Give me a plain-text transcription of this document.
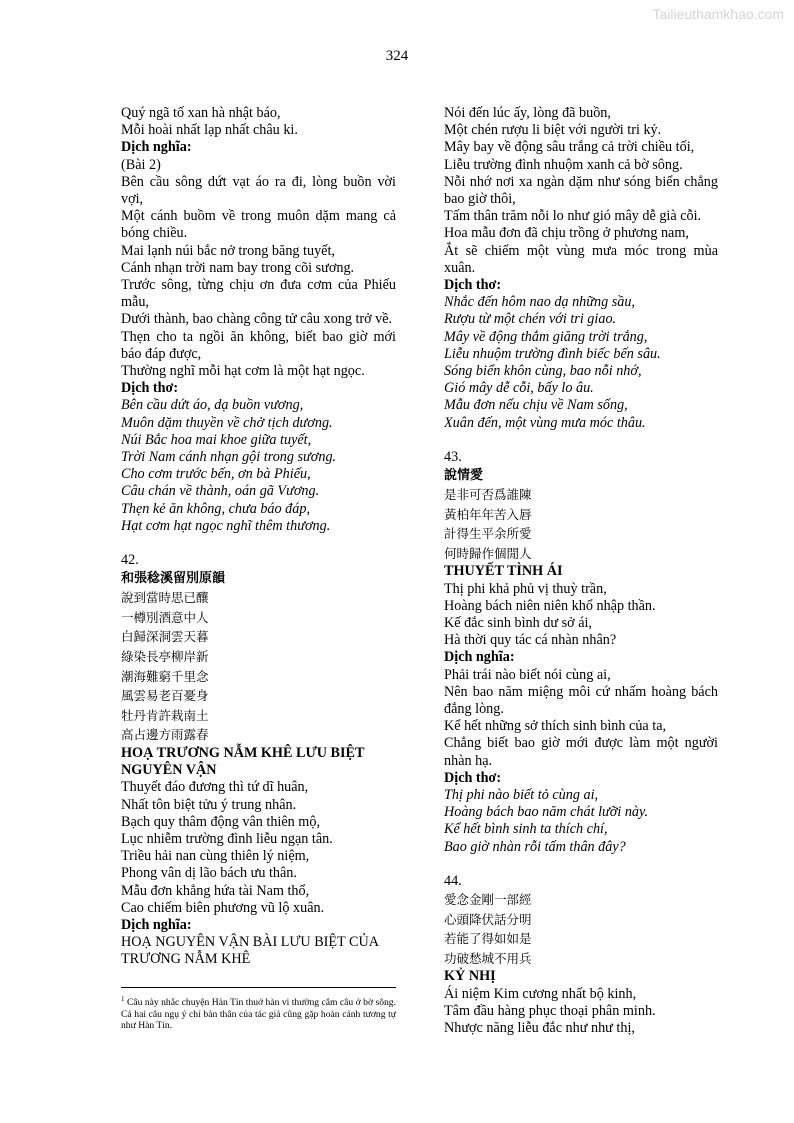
Tailieuthamkhao.com
324
Quý ngã tố xan hà nhật báo,
Mỗi hoài nhất lạp nhất châu ki.
Dịch nghĩa:
(Bài 2)
Bên cầu sông dứt vạt áo ra đi, lòng buồn vời vợi,
Một cánh buồm về trong muôn dặm mang cả bóng chiều.
Mai lạnh núi bắc nở trong băng tuyết,
Cánh nhạn trời nam bay trong cõi sương.
Trước sông, từng chịu ơn đưa cơm của Phiếu mẫu,
Dưới thành, bao chàng công tử câu xong trở về.
Thẹn cho ta ngồi ăn không, biết bao giờ mới báo đáp được,
Thường nghĩ mỗi hạt cơm là một hạt ngọc.
Dịch thơ:
Bên cầu dứt áo, dạ buồn vương,
Muôn dặm thuyền về chở tịch dương.
Núi Bắc hoa mai khoe giữa tuyết,
Trời Nam cánh nhạn gội trong sương.
Cho cơm trước bến, ơn bà Phiếu,
Câu chán về thành, oán gã Vương.
Thẹn kẻ ăn không, chưa báo đáp,
Hạt cơm hạt ngọc nghĩ thêm thương.
42.
和張稔溪留別原韻
說到當時思已釀
一樽別酒意中人
白歸深洞雲天暮
綠染長亭柳岸新
潮海難窮千里念
風雲易老百憂身
牡丹肯許栽南土
高占邊方雨露春
HOẠ TRƯƠNG NẪM KHÊ LƯU BIỆT
NGUYÊN VẬN
Thuyết đáo đương thì tứ dĩ huân,
Nhất tôn biệt tửu ý trung nhân.
Bạch quy thâm động vân thiên mộ,
Lục nhiễm trường đình liễu ngạn tân.
Triều hải nan cùng thiên lý niệm,
Phong vân dị lão bách ưu thân.
Mẫu đơn khẳng hứa tài Nam thổ,
Cao chiếm biên phương vũ lộ xuân.
Dịch nghĩa:
HOẠ NGUYÊN VẬN BÀI LƯU BIỆT CỦA
TRƯƠNG NẪM KHÊ
$^1$ Câu này nhắc chuyện Hàn Tín thuở hàn vi thường cắm câu ở bờ sông. Cả hai câu ngụ ý chí bản thân của tác giả cũng gặp hoàn cảnh tương tự như Hàn Tín.
Nói đến lúc ấy, lòng đã buồn,
Một chén rượu li biệt với người tri kỷ.
Mây bay về động sâu trắng cả trời chiều tối,
Liễu trường đình nhuộm xanh cả bờ sông.
Nỗi nhớ nơi xa ngàn dặm như sóng biển chẳng bao giờ thôi,
Tấm thân trăm nỗi lo như gió mây dễ già cỗi.
Hoa mẫu đơn đã chịu trồng ở phương nam,
Ắt sẽ chiếm một vùng mưa móc trong mùa xuân.
Dịch thơ:
Nhắc đến hôm nao dạ những sầu,
Rượu từ một chén với tri giao.
Mây về động thẳm giăng trời trắng,
Liễu nhuộm trường đình biếc bến sâu.
Sóng biển khôn cùng, bao nỗi nhớ,
Gió mây dễ cỗi, bấy lo âu.
Mẫu đơn nếu chịu về Nam sống,
Xuân đến, một vùng mưa móc thâu.
43.
說情愛
是非可否爲誰陳
黃柏年年苦入唇
計得生平余所愛
何時歸作個閒人
THUYẾT TÌNH ÁI
Thị phi khả phủ vị thuỳ trần,
Hoàng bách niên niên khổ nhập thần.
Kế đắc sinh bình dư sở ái,
Hà thời quy tác cá nhàn nhân?
Dịch nghĩa:
Phải trái nào biết nói cùng ai,
Nên bao năm miệng môi cứ nhấm hoàng bách đắng lòng.
Kể hết những sở thích sinh bình của ta,
Chẳng biết bao giờ mới được làm một người nhàn hạ.
Dịch thơ:
Thị phi nào biết tỏ cùng ai,
Hoàng bách bao năm chát lưỡi này.
Kể hết bình sinh ta thích chí,
Bao giờ nhàn rỗi tấm thân đây?
44.
愛念金剛一部經
心頭降伏話分明
若能了得如如是
功破愁城不用兵
KỶ NHỊ
Ái niệm Kim cương nhất bộ kinh,
Tâm đầu hàng phục thoại phân minh.
Nhược năng liễu đắc như như thị,
